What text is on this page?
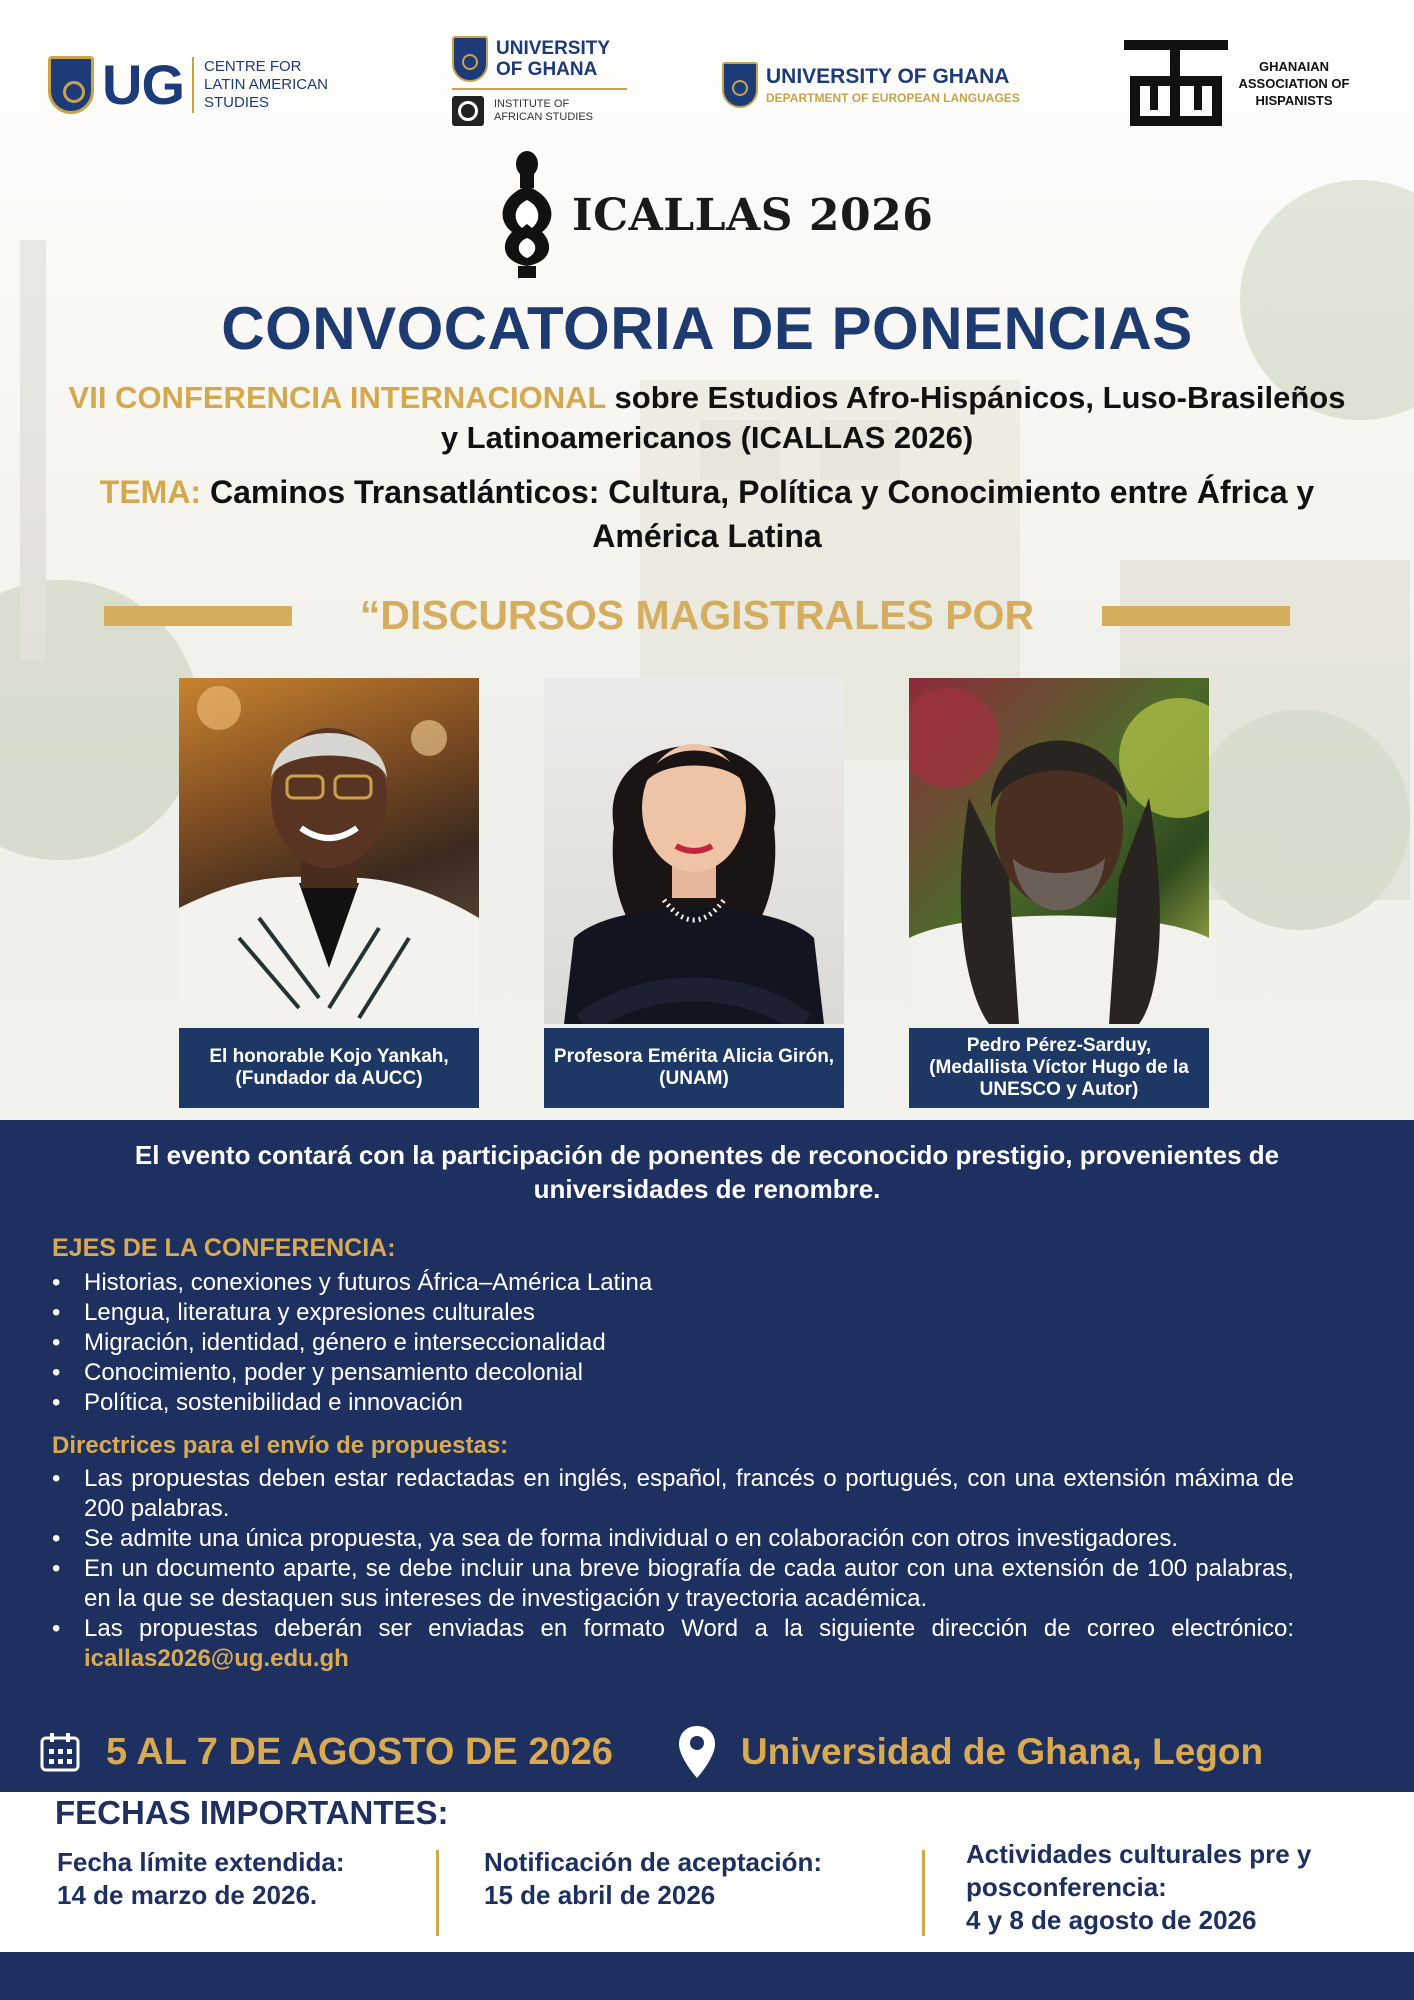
UG CENTRE FOR LATIN AMERICAN STUDIES
UNIVERSITY OF GHANA
INSTITUTE OF AFRICAN STUDIES
UNIVERSITY OF GHANA
DEPARTMENT OF EUROPEAN LANGUAGES
GHANAIAN ASSOCIATION OF HISPANISTS
ICALLAS 2026
CONVOCATORIA DE PONENCIAS
VII CONFERENCIA INTERNACIONAL sobre Estudios Afro-Hispánicos, Luso-Brasileños y Latinoamericanos (ICALLAS 2026)
TEMA: Caminos Transatlánticos: Cultura, Política y Conocimiento entre África y América Latina
“DISCURSOS MAGISTRALES POR
El honorable Kojo Yankah, (Fundador da AUCC)
Profesora Emérita Alicia Girón, (UNAM)
Pedro Pérez-Sarduy, (Medallista Víctor Hugo de la UNESCO y Autor)
El evento contará con la participación de ponentes de reconocido prestigio, provenientes de universidades de renombre.
EJES DE LA CONFERENCIA:
• Historias, conexiones y futuros África–América Latina
• Lengua, literatura y expresiones culturales
• Migración, identidad, género e interseccionalidad
• Conocimiento, poder y pensamiento decolonial
• Política, sostenibilidad e innovación
Directrices para el envío de propuestas:
• Las propuestas deben estar redactadas en inglés, español, francés o portugués, con una extensión máxima de 200 palabras.
• Se admite una única propuesta, ya sea de forma individual o en colaboración con otros investigadores.
• En un documento aparte, se debe incluir una breve biografía de cada autor con una extensión de 100 palabras, en la que se destaquen sus intereses de investigación y trayectoria académica.
• Las propuestas deberán ser enviadas en formato Word a la siguiente dirección de correo electrónico: icallas2026@ug.edu.gh
5 AL 7 DE AGOSTO DE 2026	Universidad de Ghana, Legon
FECHAS IMPORTANTES:
Fecha límite extendida:
14 de marzo de 2026.
Notificación de aceptación:
15 de abril de 2026
Actividades culturales pre y posconferencia:
4 y 8 de agosto de 2026
